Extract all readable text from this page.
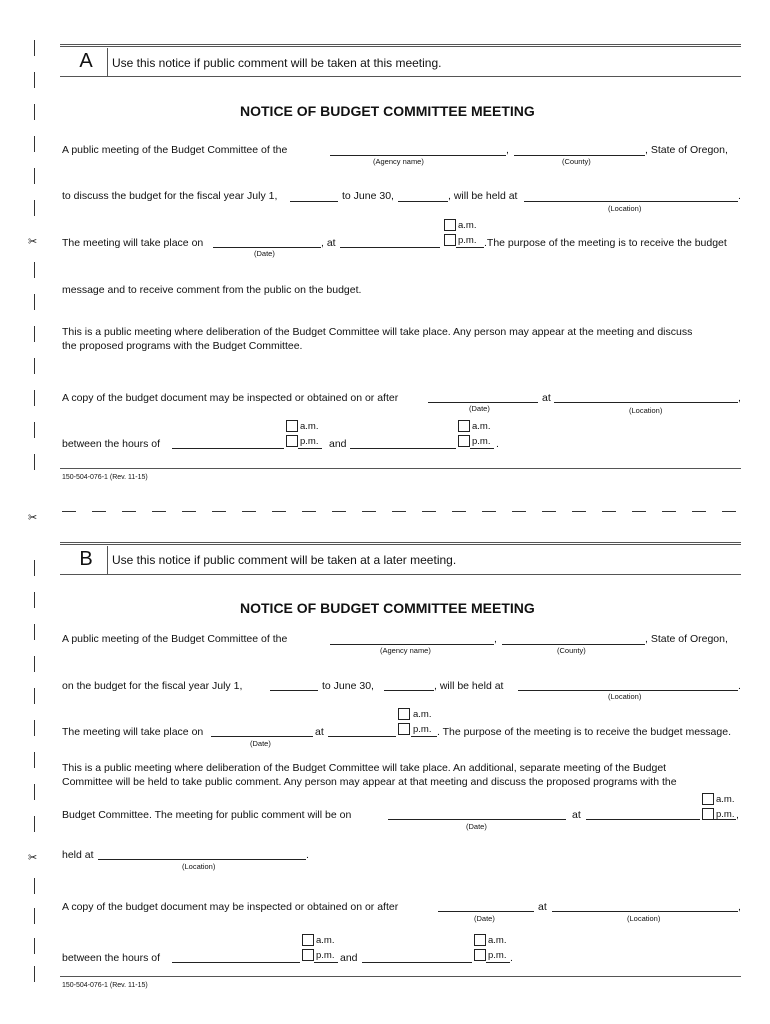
✂
✂
✂
A	Use this notice if public comment will be taken at this meeting.
NOTICE OF BUDGET COMMITTEE MEETING
A public meeting of the Budget Committee of the	,	, State of Oregon,
(Agency name)	(County)
to discuss the budget for the fiscal year July 1,	to June 30,	, will be held at	.
(Location)
a.m.
p.m.
The meeting will take place on	, at	.The purpose of the meeting is to receive the budget
(Date)
message and to receive comment from the public on the budget.
This is a public meeting where deliberation of the Budget Committee will take place. Any person may appear at the meeting and discuss
the proposed programs with the Budget Committee.
A copy of the budget document may be inspected or obtained on or after	at	,
(Date)	(Location)
a.m.
p.m.
a.m.
p.m.
between the hours of	and	.
150-504-076-1 (Rev. 11-15)
B	Use this notice if public comment will be taken at a later meeting.
NOTICE OF BUDGET COMMITTEE MEETING
A public meeting of the Budget Committee of the	,	, State of Oregon,
(Agency name)	(County)
on the budget for the fiscal year July 1,	to June 30,	, will be held at	.
(Location)
a.m.
p.m.
The meeting will take place on	at	. The purpose of the meeting is to receive the budget message.
(Date)
This is a public meeting where deliberation of the Budget Committee will take place. An additional, separate meeting of the Budget
Committee will be held to take public comment. Any person may appear at that meeting and discuss the proposed programs with the
a.m.
p.m.
Budget Committee. The meeting for public comment will be on	at	,
(Date)
held at	.
(Location)
A copy of the budget document may be inspected or obtained on or after	at	,
(Date)	(Location)
a.m.
p.m.
a.m.
p.m.
between the hours of	and	.
150-504-076-1 (Rev. 11-15)
